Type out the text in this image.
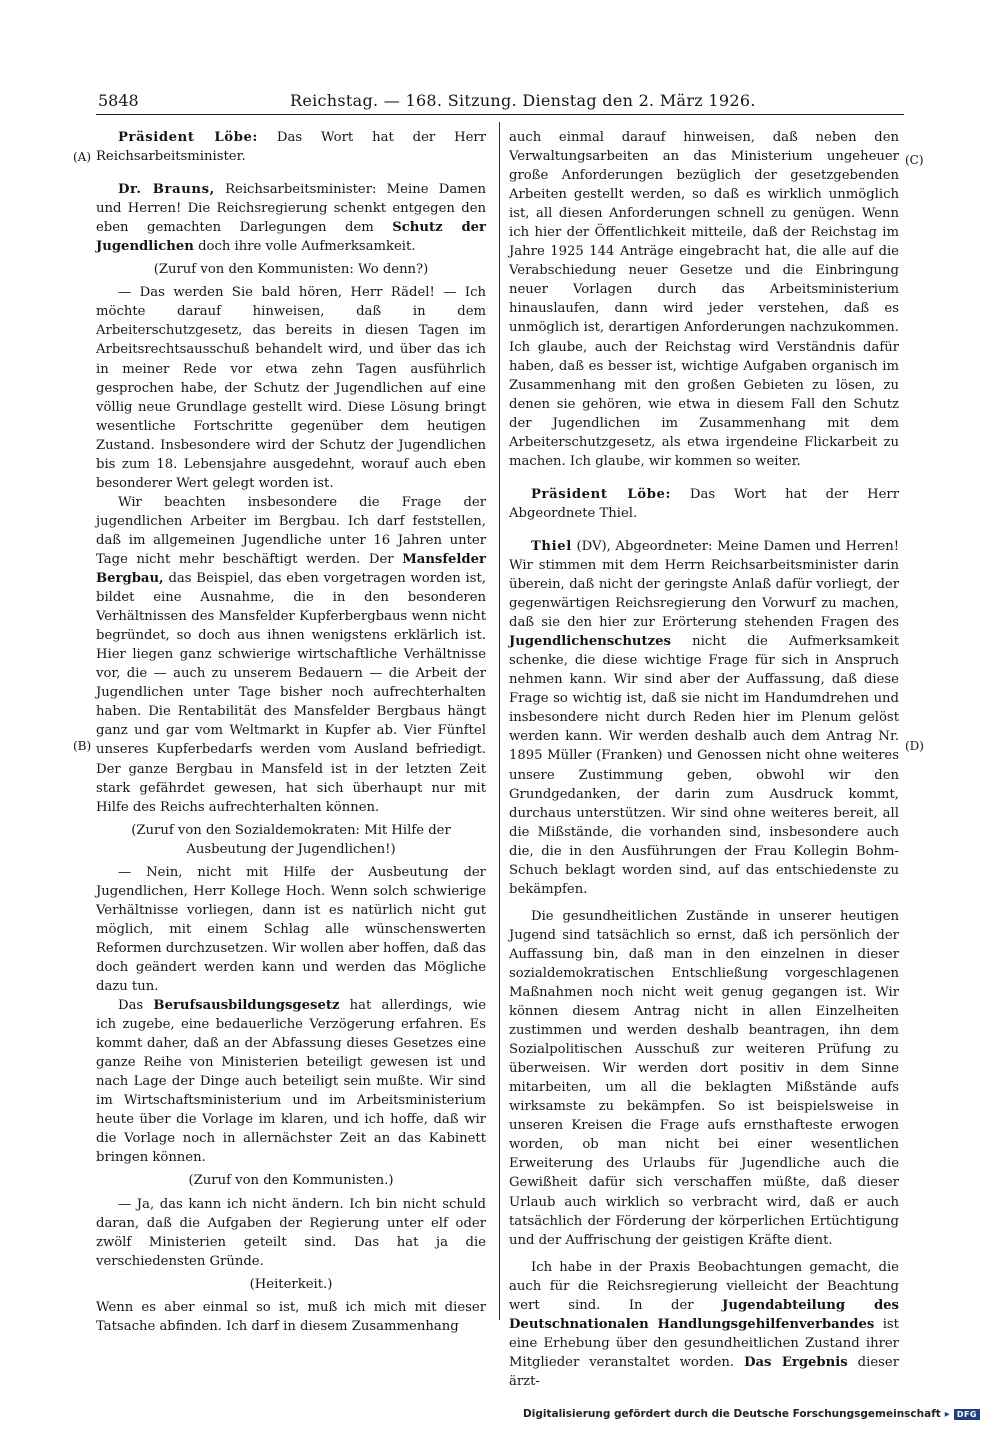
5848	Reichstag. — 168. Sitzung. Dienstag den 2. März 1926.
(A)
(B)
(C)
(D)

Präsident Löbe: Das Wort hat der Herr Reichsarbeitsminister.

Dr. Brauns, Reichsarbeitsminister: Meine Damen und Herren! Die Reichsregierung schenkt entgegen den eben gemachten Darlegungen dem Schutz der Jugendlichen doch ihre volle Aufmerksamkeit.

(Zuruf von den Kommunisten: Wo denn?)

— Das werden Sie bald hören, Herr Rädel! — Ich möchte darauf hinweisen, daß in dem Arbeiterschutzgesetz, das bereits in diesen Tagen im Arbeitsrechtsausschuß behandelt wird, und über das ich in meiner Rede vor etwa zehn Tagen ausführlich gesprochen habe, der Schutz der Jugendlichen auf eine völlig neue Grundlage gestellt wird. Diese Lösung bringt wesentliche Fortschritte gegenüber dem heutigen Zustand. Insbesondere wird der Schutz der Jugendlichen bis zum 18. Lebensjahre ausgedehnt, worauf auch eben besonderer Wert gelegt worden ist.

Wir beachten insbesondere die Frage der jugendlichen Arbeiter im Bergbau. Ich darf feststellen, daß im allgemeinen Jugendliche unter 16 Jahren unter Tage nicht mehr beschäftigt werden. Der Mansfelder Bergbau, das Beispiel, das eben vorgetragen worden ist, bildet eine Ausnahme, die in den besonderen Verhältnissen des Mansfelder Kupferbergbaus wenn nicht begründet, so doch aus ihnen wenigstens erklärlich ist. Hier liegen ganz schwierige wirtschaftliche Verhältnisse vor, die — auch zu unserem Bedauern — die Arbeit der Jugendlichen unter Tage bisher noch aufrechterhalten haben. Die Rentabilität des Mansfelder Bergbaus hängt ganz und gar vom Weltmarkt in Kupfer ab. Vier Fünftel unseres Kupferbedarfs werden vom Ausland befriedigt. Der ganze Bergbau in Mansfeld ist in der letzten Zeit stark gefährdet gewesen, hat sich überhaupt nur mit Hilfe des Reichs aufrechterhalten können.

(Zuruf von den Sozialdemokraten: Mit Hilfe der Ausbeutung der Jugendlichen!)

— Nein, nicht mit Hilfe der Ausbeutung der Jugendlichen, Herr Kollege Hoch. Wenn solch schwierige Verhältnisse vorliegen, dann ist es natürlich nicht gut möglich, mit einem Schlag alle wünschenswerten Reformen durchzusetzen. Wir wollen aber hoffen, daß das doch geändert werden kann und werden das Mögliche dazu tun.

Das Berufsausbildungsgesetz hat allerdings, wie ich zugebe, eine bedauerliche Verzögerung erfahren. Es kommt daher, daß an der Abfassung dieses Gesetzes eine ganze Reihe von Ministerien beteiligt gewesen ist und nach Lage der Dinge auch beteiligt sein mußte. Wir sind im Wirtschaftsministerium und im Arbeitsministerium heute über die Vorlage im klaren, und ich hoffe, daß wir die Vorlage noch in allernächster Zeit an das Kabinett bringen können.

(Zuruf von den Kommunisten.)

— Ja, das kann ich nicht ändern. Ich bin nicht schuld daran, daß die Aufgaben der Regierung unter elf oder zwölf Ministerien geteilt sind. Das hat ja die verschiedensten Gründe.

(Heiterkeit.)

Wenn es aber einmal so ist, muß ich mich mit dieser Tatsache abfinden. Ich darf in diesem Zusammenhang

auch einmal darauf hinweisen, daß neben den Verwaltungsarbeiten an das Ministerium ungeheuer große Anforderungen bezüglich der gesetzgebenden Arbeiten gestellt werden, so daß es wirklich unmöglich ist, all diesen Anforderungen schnell zu genügen. Wenn ich hier der Öffentlichkeit mitteile, daß der Reichstag im Jahre 1925 144 Anträge eingebracht hat, die alle auf die Verabschiedung neuer Gesetze und die Einbringung neuer Vorlagen durch das Arbeitsministerium hinauslaufen, dann wird jeder verstehen, daß es unmöglich ist, derartigen Anforderungen nachzukommen. Ich glaube, auch der Reichstag wird Verständnis dafür haben, daß es besser ist, wichtige Aufgaben organisch im Zusammenhang mit den großen Gebieten zu lösen, zu denen sie gehören, wie etwa in diesem Fall den Schutz der Jugendlichen im Zusammenhang mit dem Arbeiterschutzgesetz, als etwa irgendeine Flickarbeit zu machen. Ich glaube, wir kommen so weiter.

Präsident Löbe: Das Wort hat der Herr Abgeordnete Thiel.

Thiel (DV), Abgeordneter: Meine Damen und Herren! Wir stimmen mit dem Herrn Reichsarbeitsminister darin überein, daß nicht der geringste Anlaß dafür vorliegt, der gegenwärtigen Reichsregierung den Vorwurf zu machen, daß sie den hier zur Erörterung stehenden Fragen des Jugendlichenschutzes nicht die Aufmerksamkeit schenke, die diese wichtige Frage für sich in Anspruch nehmen kann. Wir sind aber der Auffassung, daß diese Frage so wichtig ist, daß sie nicht im Handumdrehen und insbesondere nicht durch Reden hier im Plenum gelöst werden kann. Wir werden deshalb auch dem Antrag Nr. 1895 Müller (Franken) und Genossen nicht ohne weiteres unsere Zustimmung geben, obwohl wir den Grundgedanken, der darin zum Ausdruck kommt, durchaus unterstützen. Wir sind ohne weiteres bereit, all die Mißstände, die vorhanden sind, insbesondere auch die, die in den Ausführungen der Frau Kollegin Bohm-Schuch beklagt worden sind, auf das entschiedenste zu bekämpfen.

Die gesundheitlichen Zustände in unserer heutigen Jugend sind tatsächlich so ernst, daß ich persönlich der Auffassung bin, daß man in den einzelnen in dieser sozialdemokratischen Entschließung vorgeschlagenen Maßnahmen noch nicht weit genug gegangen ist. Wir können diesem Antrag nicht in allen Einzelheiten zustimmen und werden deshalb beantragen, ihn dem Sozialpolitischen Ausschuß zur weiteren Prüfung zu überweisen. Wir werden dort positiv in dem Sinne mitarbeiten, um all die beklagten Mißstände aufs wirksamste zu bekämpfen. So ist beispielsweise in unseren Kreisen die Frage aufs ernsthafteste erwogen worden, ob man nicht bei einer wesentlichen Erweiterung des Urlaubs für Jugendliche auch die Gewißheit dafür sich verschaffen müßte, daß dieser Urlaub auch wirklich so verbracht wird, daß er auch tatsächlich der Förderung der körperlichen Ertüchtigung und der Auffrischung der geistigen Kräfte dient.

Ich habe in der Praxis Beobachtungen gemacht, die auch für die Reichsregierung vielleicht der Beachtung wert sind. In der Jugendabteilung des Deutschnationalen Handlungsgehilfenverbandes ist eine Erhebung über den gesundheitlichen Zustand ihrer Mitglieder veranstaltet worden. Das Ergebnis dieser ärzt-

Digitalisierung gefördert durch die Deutsche Forschungsgemeinschaft ▸ DFG
